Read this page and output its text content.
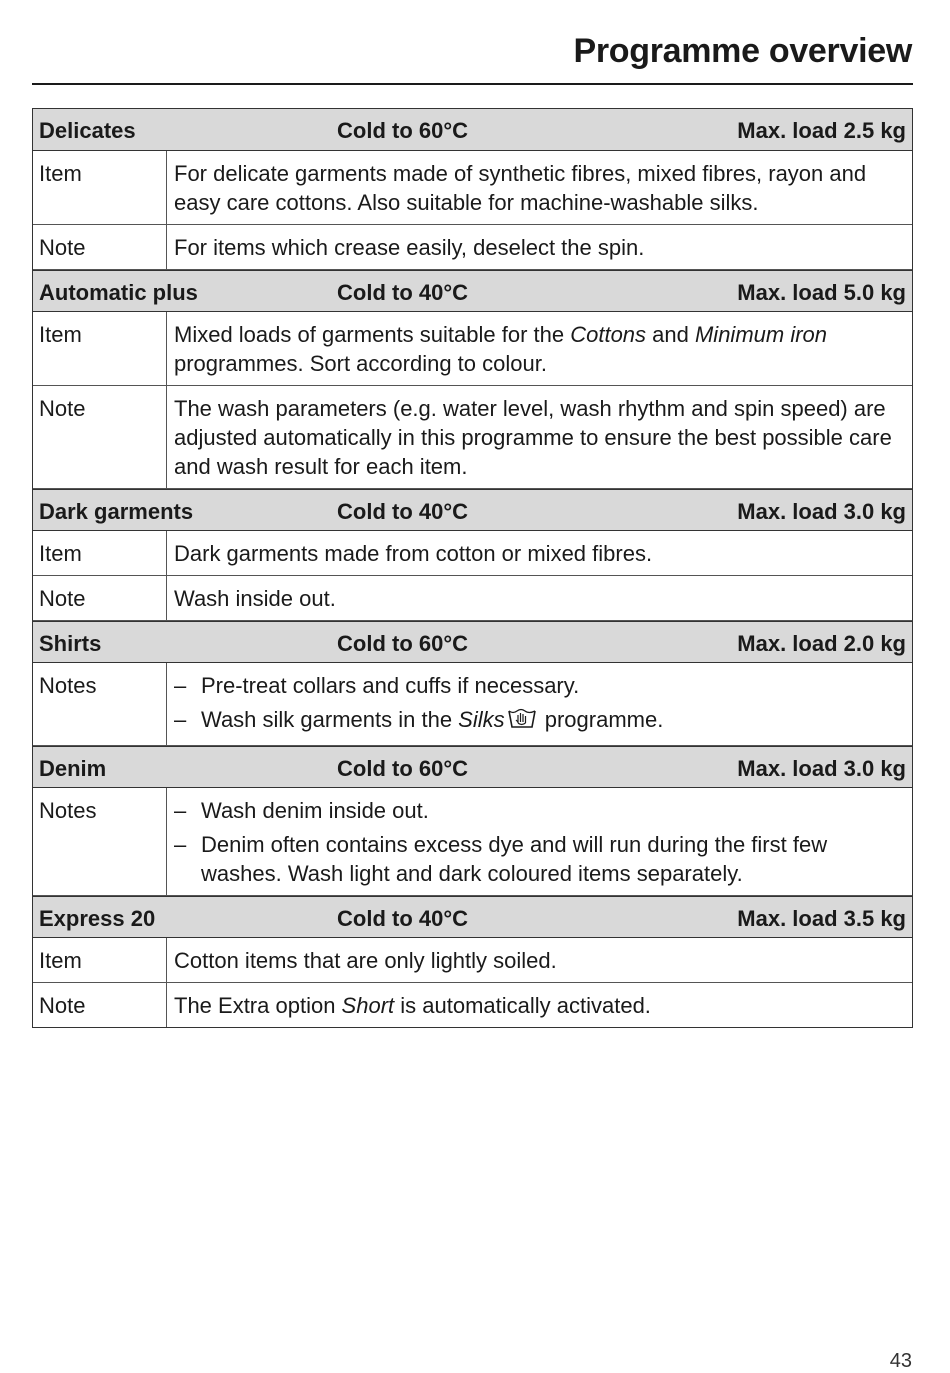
Programme overview
Delicates	Cold to 60°C	Max. load 2.5 kg
Item	For delicate garments made of synthetic fibres, mixed fibres, rayon and easy care cottons. Also suitable for machine-washable silks.
Note	For items which crease easily, deselect the spin.
Automatic plus	Cold to 40°C	Max. load 5.0 kg
Item	Mixed loads of garments suitable for the Cottons and Minimum iron programmes. Sort according to colour.
Note	The wash parameters (e.g. water level, wash rhythm and spin speed) are adjusted automatically in this programme to ensure the best possible care and wash result for each item.
Dark garments	Cold to 40°C	Max. load 3.0 kg
Item	Dark garments made from cotton or mixed fibres.
Note	Wash inside out.
Shirts	Cold to 60°C	Max. load 2.0 kg
Notes	– Pre-treat collars and cuffs if necessary.
– Wash silk garments in the Silks programme.
Denim	Cold to 60°C	Max. load 3.0 kg
Notes	– Wash denim inside out.
– Denim often contains excess dye and will run during the first few washes. Wash light and dark coloured items separately.
Express 20	Cold to 40°C	Max. load 3.5 kg
Item	Cotton items that are only lightly soiled.
Note	The Extra option Short is automatically activated.
43
